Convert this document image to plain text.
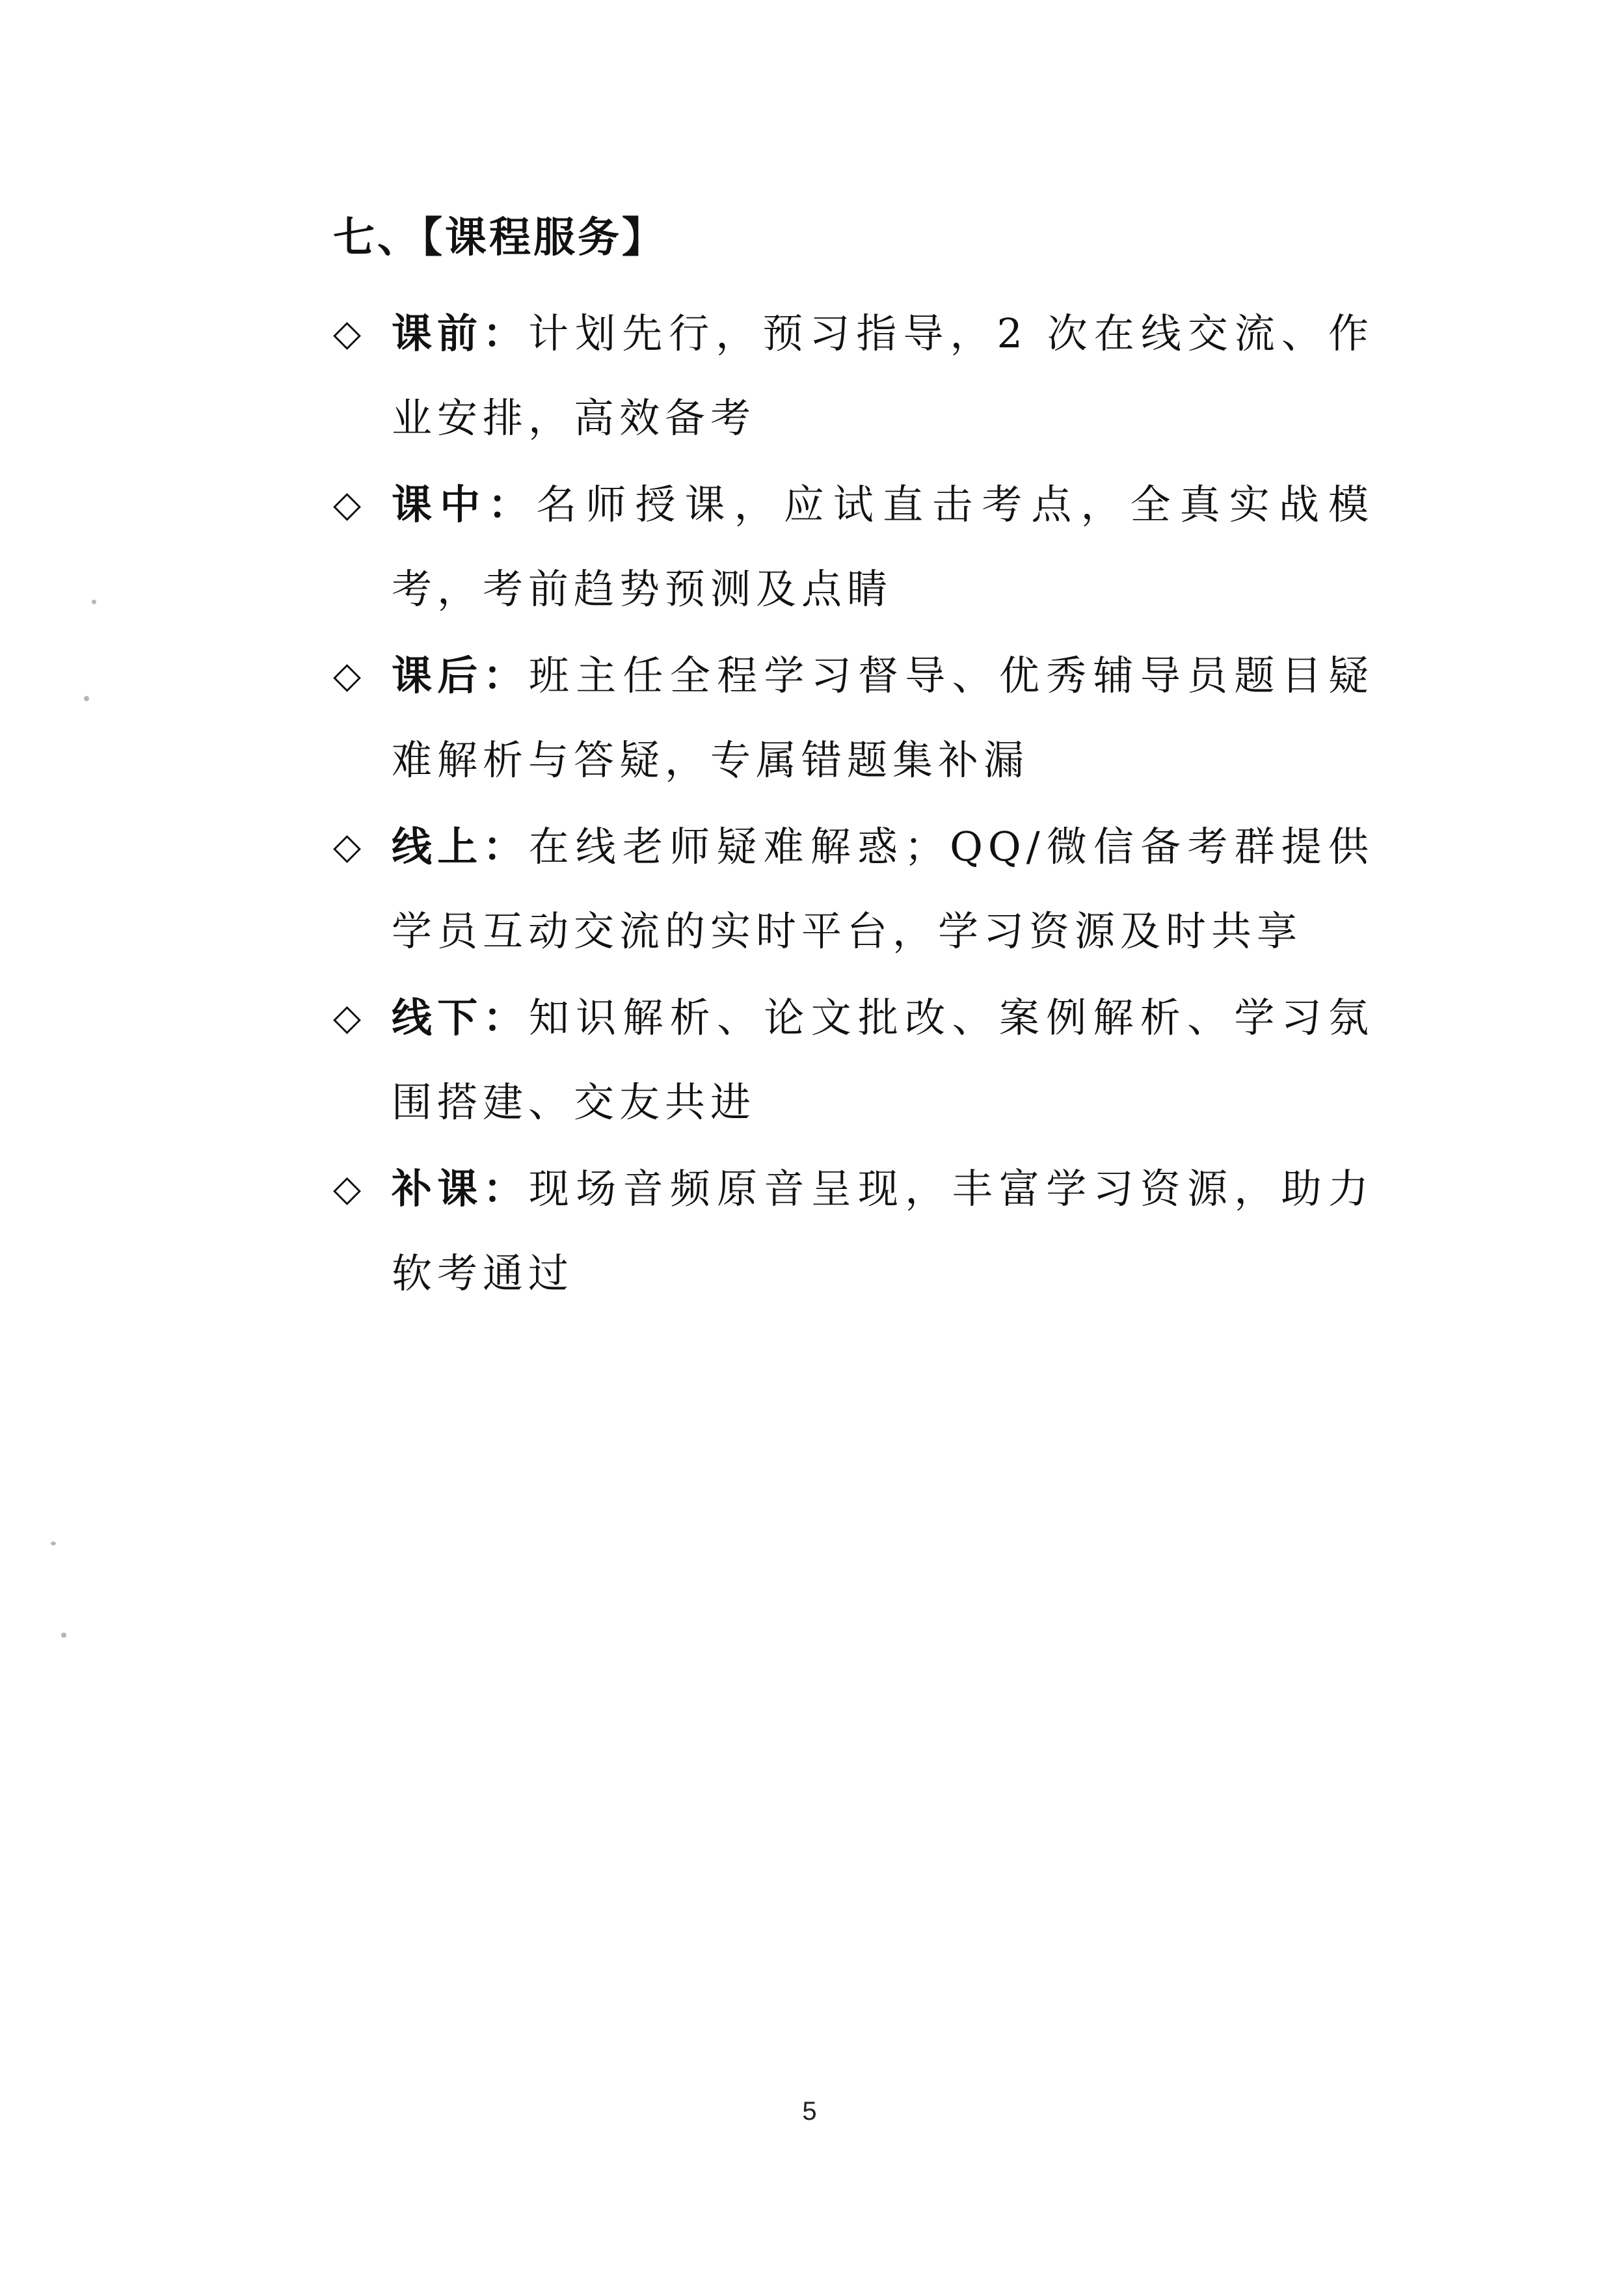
七、【课程服务】
◇ 课前：计划先行，预习指导，2 次在线交流、作业安排，高效备考
◇ 课中：名师授课，应试直击考点，全真实战模考，考前趋势预测及点睛
◇ 课后：班主任全程学习督导、优秀辅导员题目疑难解析与答疑，专属错题集补漏
◇ 线上：在线老师疑难解惑；QQ/微信备考群提供学员互动交流的实时平台，学习资源及时共享
◇ 线下：知识解析、论文批改、案例解析、学习氛围搭建、交友共进
◇ 补课：现场音频原音呈现，丰富学习资源，助力软考通过
5
